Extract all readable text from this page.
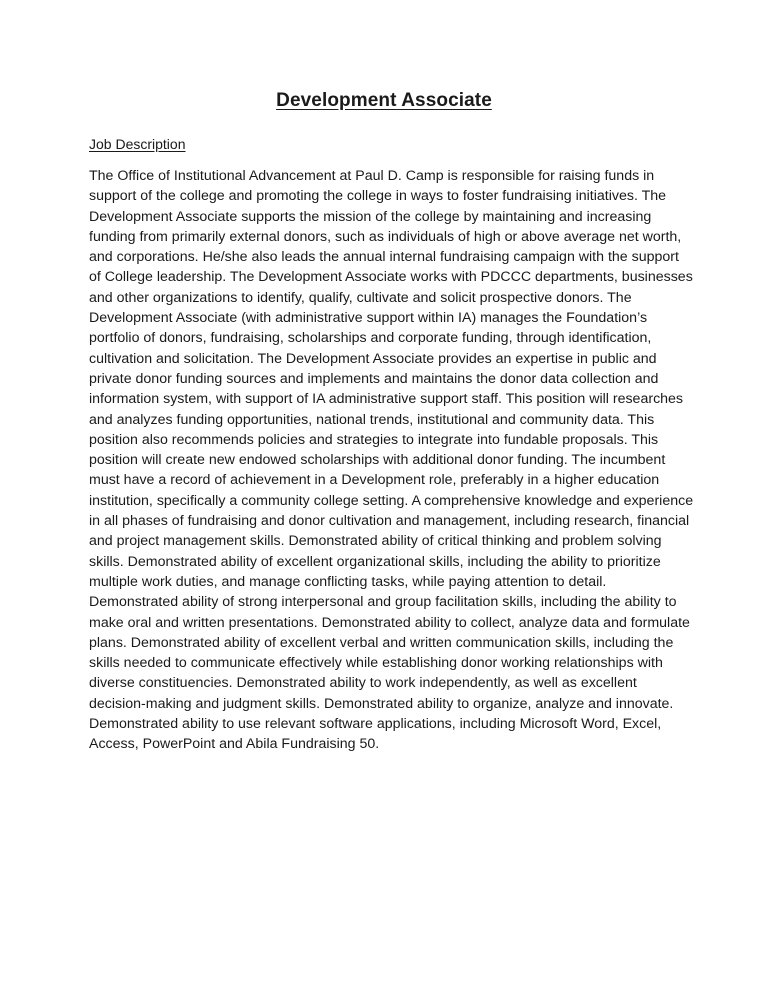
Development Associate
Job Description

The Office of Institutional Advancement at Paul D. Camp is responsible for raising funds in

support of the college and promoting the college in ways to foster fundraising initiatives. The

Development Associate supports the mission of the college by maintaining and increasing

funding from primarily external donors, such as individuals of high or above average net worth,

and corporations. He/she also leads the annual internal fundraising campaign with the support

of College leadership. The Development Associate works with PDCCC departments, businesses

and other organizations to identify, qualify, cultivate and solicit prospective donors. The

Development Associate (with administrative support within IA) manages the Foundation’s

portfolio of donors, fundraising, scholarships and corporate funding, through identification,

cultivation and solicitation. The Development Associate provides an expertise in public and

private donor funding sources and implements and maintains the donor data collection and

information system, with support of IA administrative support staff. This position will researches

and analyzes funding opportunities, national trends, institutional and community data. This

position also recommends policies and strategies to integrate into fundable proposals. This

position will create new endowed scholarships with additional donor funding. The incumbent

must have a record of achievement in a Development role, preferably in a higher education

institution, specifically a community college setting. A comprehensive knowledge and experience

in all phases of fundraising and donor cultivation and management, including research, financial

and project management skills. Demonstrated ability of critical thinking and problem solving

skills. Demonstrated ability of excellent organizational skills, including the ability to prioritize

multiple work duties, and manage conflicting tasks, while paying attention to detail.

Demonstrated ability of strong interpersonal and group facilitation skills, including the ability to

make oral and written presentations. Demonstrated ability to collect, analyze data and formulate

plans. Demonstrated ability of excellent verbal and written communication skills, including the

skills needed to communicate effectively while establishing donor working relationships with

diverse constituencies. Demonstrated ability to work independently, as well as excellent

decision-making and judgment skills. Demonstrated ability to organize, analyze and innovate.

Demonstrated ability to use relevant software applications, including Microsoft Word, Excel,

Access, PowerPoint and Abila Fundraising 50.
